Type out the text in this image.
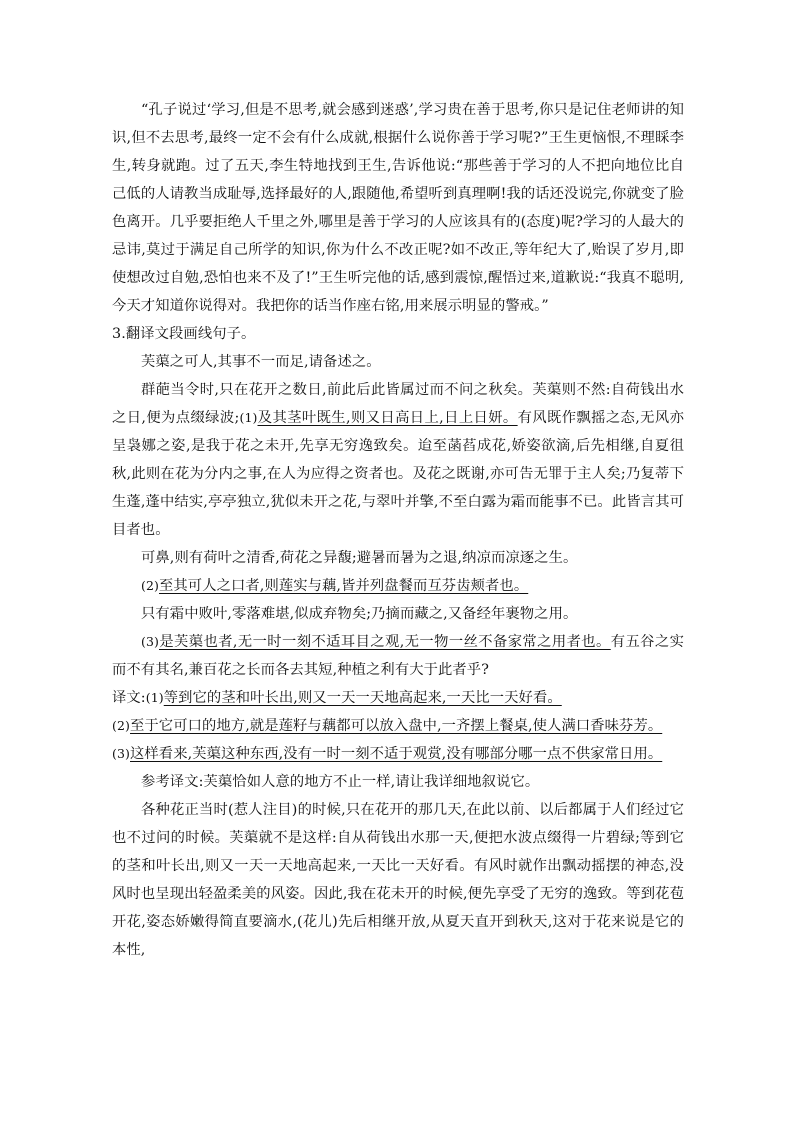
“孔子说过‘学习,但是不思考,就会感到迷惑’,学习贵在善于思考,你只是记住老师讲的知识,但不去思考,最终一定不会有什么成就,根据什么说你善于学习呢?”王生更恼恨,不理睬李生,转身就跑。过了五天,李生特地找到王生,告诉他说:“那些善于学习的人不把向地位比自己低的人请教当成耻辱,选择最好的人,跟随他,希望听到真理啊!我的话还没说完,你就变了脸色离开。几乎要拒绝人千里之外,哪里是善于学习的人应该具有的(态度)呢?学习的人最大的忌讳,莫过于满足自己所学的知识,你为什么不改正呢?如不改正,等年纪大了,贻误了岁月,即使想改过自勉,恐怕也来不及了!”王生听完他的话,感到震惊,醒悟过来,道歉说:“我真不聪明,今天才知道你说得对。我把你的话当作座右铭,用来展示明显的警戒。”

3.翻译文段画线句子。

芙蕖之可人,其事不一而足,请备述之。

群葩当令时,只在花开之数日,前此后此皆属过而不问之秋矣。芙蕖则不然:自荷钱出水之日,便为点缀绿波;(1)及其茎叶既生,则又日高日上,日上日妍。有风既作飘摇之态,无风亦呈袅娜之姿,是我于花之未开,先享无穷逸致矣。迨至菡萏成花,娇姿欲滴,后先相继,自夏徂秋,此则在花为分内之事,在人为应得之资者也。及花之既谢,亦可告无罪于主人矣;乃复蒂下生蓬,蓬中结实,亭亭独立,犹似未开之花,与翠叶并擎,不至白露为霜而能事不已。此皆言其可目者也。

可鼻,则有荷叶之清香,荷花之异馥;避暑而暑为之退,纳凉而凉逐之生。

(2)至其可人之口者,则莲实与藕,皆并列盘餐而互芬齿颊者也。

只有霜中败叶,零落难堪,似成弃物矣;乃摘而藏之,又备经年裹物之用。

(3)是芙蕖也者,无一时一刻不适耳目之观,无一物一丝不备家常之用者也。有五谷之实而不有其名,兼百花之长而各去其短,种植之利有大于此者乎?

译文:(1)等到它的茎和叶长出,则又一天一天地高起来,一天比一天好看。

(2)至于它可口的地方,就是莲籽与藕都可以放入盘中,一齐摆上餐桌,使人满口香味芬芳。

(3)这样看来,芙蕖这种东西,没有一时一刻不适于观赏,没有哪部分哪一点不供家常日用。

参考译文:芙蕖恰如人意的地方不止一样,请让我详细地叙说它。

各种花正当时(惹人注目)的时候,只在花开的那几天,在此以前、以后都属于人们经过它也不过问的时候。芙蕖就不是这样:自从荷钱出水那一天,便把水波点缀得一片碧绿;等到它的茎和叶长出,则又一天一天地高起来,一天比一天好看。有风时就作出飘动摇摆的神态,没风时也呈现出轻盈柔美的风姿。因此,我在花未开的时候,便先享受了无穷的逸致。等到花苞开花,姿态娇嫩得简直要滴水,(花儿)先后相继开放,从夏天直开到秋天,这对于花来说是它的本性,
